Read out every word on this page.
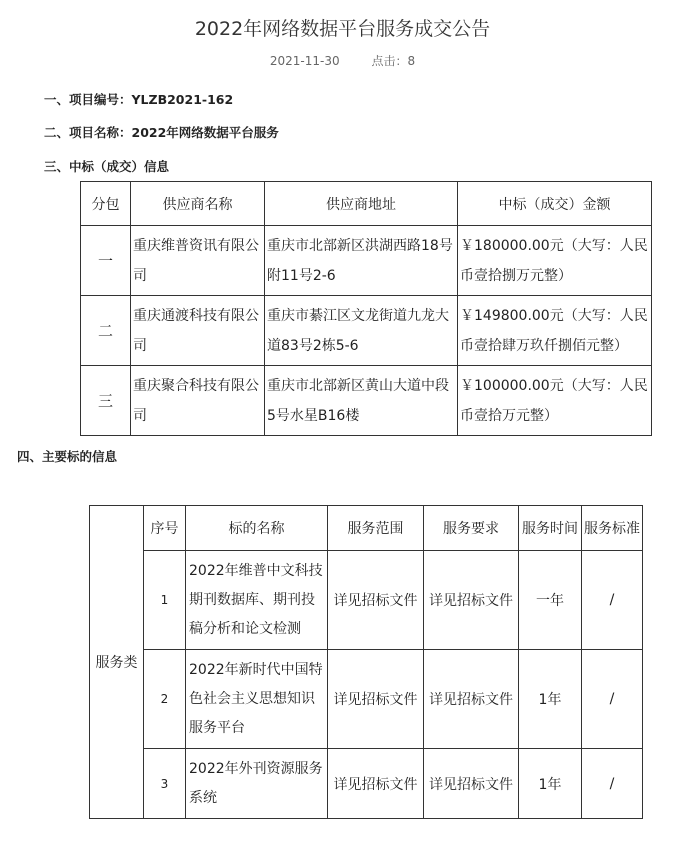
2022年网络数据平台服务成交公告
2021-11-30	点击：8
一、项目编号：YLZB2021-162
二、项目名称：2022年网络数据平台服务
三、中标（成交）信息
分包	供应商名称	供应商地址	中标（成交）金额
一	重庆维普资讯有限公司	重庆市北部新区洪湖西路18号附11号2-6	￥180000.00元（大写：人民币壹拾捌万元整）
二	重庆通渡科技有限公司	重庆市綦江区文龙街道九龙大道83号2栋5-6	￥149800.00元（大写：人民币壹拾肆万玖仟捌佰元整）
三	重庆聚合科技有限公司	重庆市北部新区黄山大道中段5号水星B16楼	￥100000.00元（大写：人民币壹拾万元整）
四、主要标的信息
服务类	序号	标的名称	服务范围	服务要求	服务时间	服务标准
	1	2022年维普中文科技期刊数据库、期刊投稿分析和论文检测	详见招标文件	详见招标文件	一年	/
	2	2022年新时代中国特色社会主义思想知识服务平台	详见招标文件	详见招标文件	1年	/
	3	2022年外刊资源服务系统	详见招标文件	详见招标文件	1年	/
